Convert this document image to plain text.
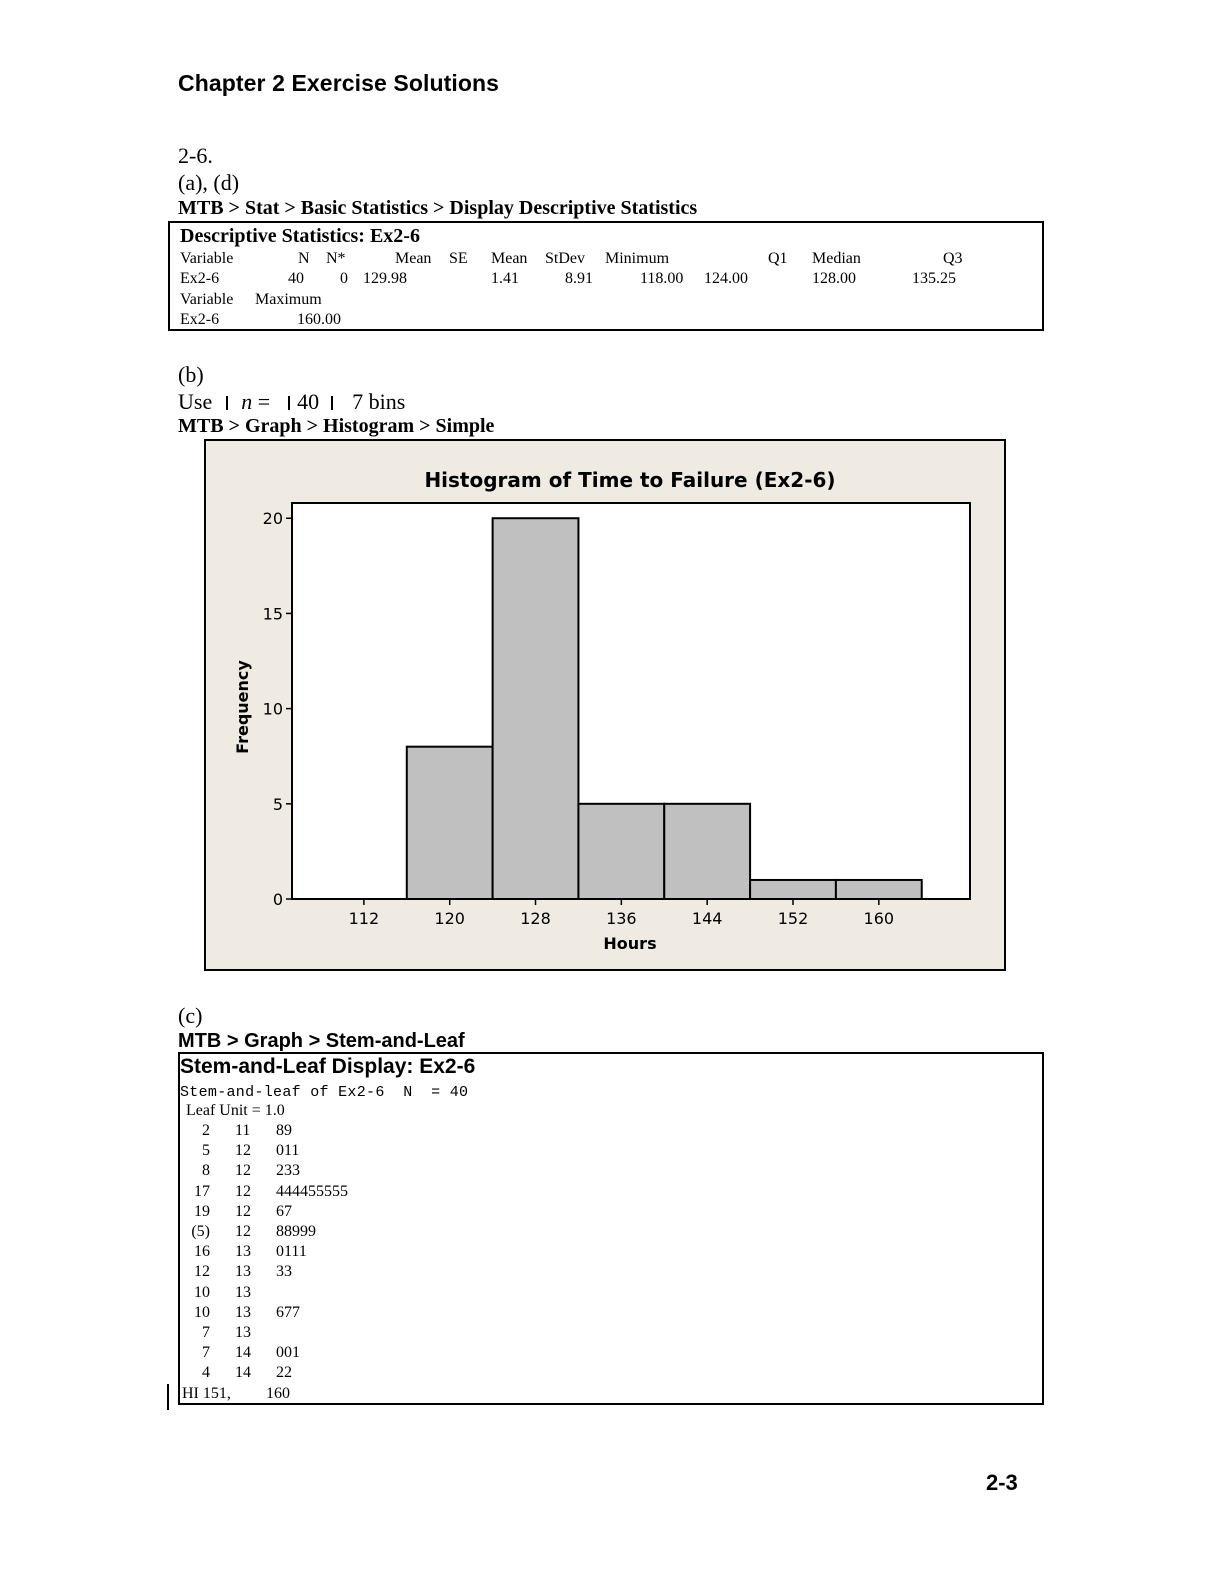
Chapter 2 Exercise Solutions
2-6.
(a), (d)
MTB > Stat > Basic Statistics > Display Descriptive Statistics
Descriptive Statistics: Ex2-6
Variable	N N*	Mean SE Mean StDev Minimum	Q1 Median	Q3
Ex2-6	40 0 129.98	1.41	8.91	118.00 124.00	128.00	135.25
Variable Maximum
Ex2-6	160.00
(b)
Use n = 40 7 bins
MTB > Graph > Histogram > Simple
Histogram of Time to Failure (Ex2-6)
112	120	128	136	144	152	160
0
5
10
15
20
Hours
Frequency
(c)
MTB > Graph > Stem-and-Leaf
Stem-and-Leaf Display: Ex2-6
Stem-and-leaf of Ex2-6  N  = 40
Leaf Unit = 1.0
2 11 89
5 12 011
8 12 233
17 12 444455555
19 12 67
(5) 12 88999
16 13 0111
12 13 33
10 13
10 13 677
7 13
7 14 001
4 14 22
HI 151, 160
2-3
